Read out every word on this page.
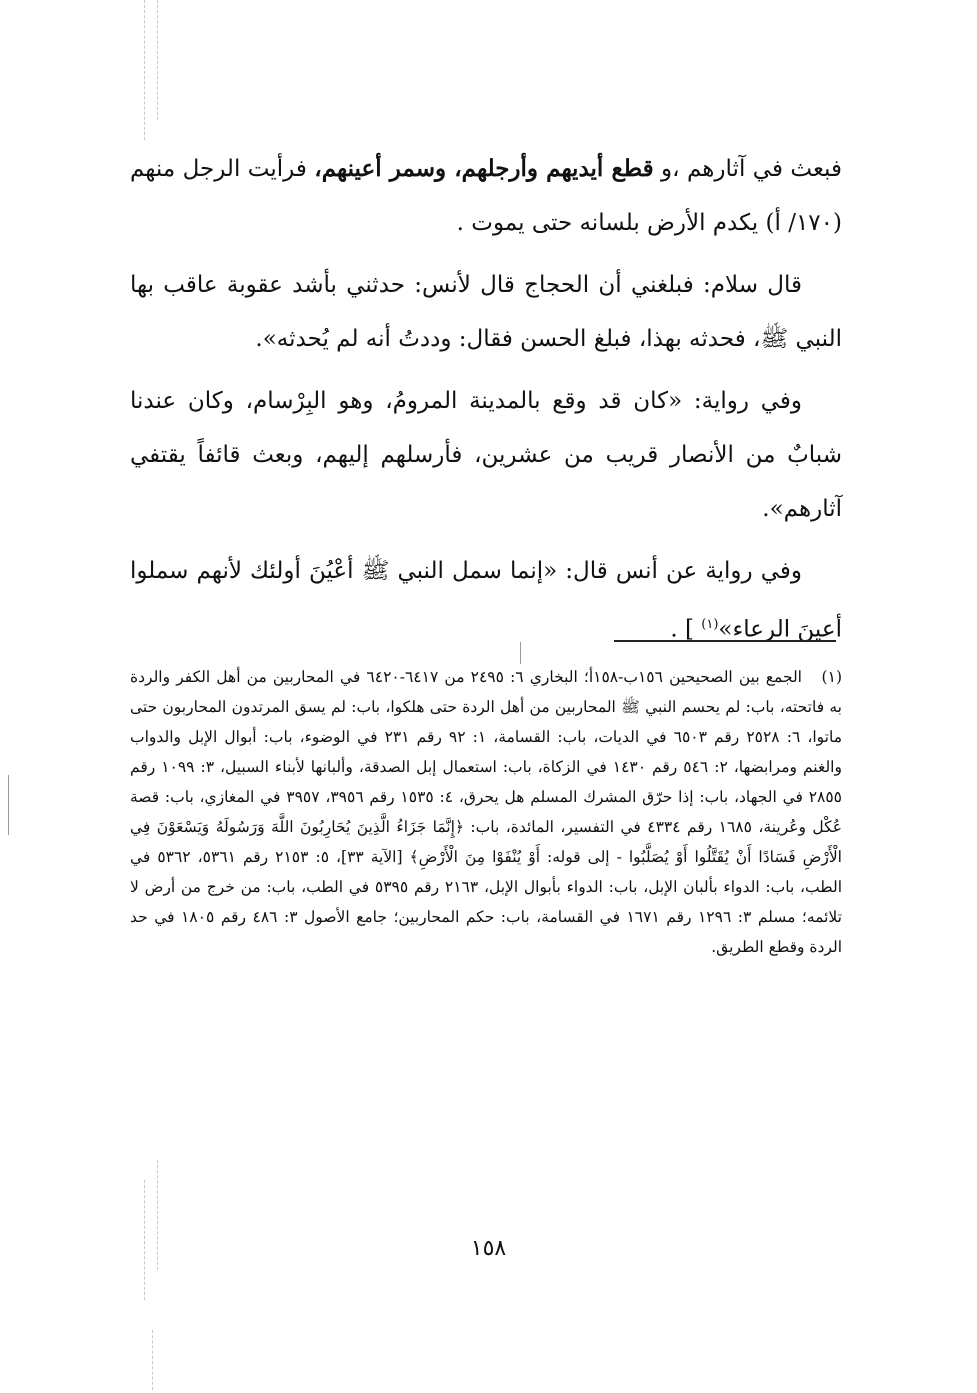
فبعث في آثارهم ،و قطع أيديهم وأرجلهم، وسمر أعينهم، فرأيت الرجل منهم (١٧٠/ أ) يكدم الأرض بلسانه حتى يموت .

قال سلام: فبلغني أن الحجاج قال لأنس: حدثني بأشد عقوبة عاقب بها النبي ﷺ، فحدثه بهذا، فبلغ الحسن فقال: وددتُ أنه لم يُحدثه».

وفي رواية: «كان قد وقع بالمدينة المرومُ، وهو البِرْسام، وكان عندنا شبابٌ من الأنصار قريب من عشرين، فأرسلهم إليهم، وبعث قائفاً يقتفي آثارهم».

وفي رواية عن أنس قال: «إنما سمل النبي ﷺ أعْيُنَ أولئك لأنهم سملوا أعينَ الرعاء»$^{(١)}$ ] .

(١)الجمع بين الصحيحين ١٥٦ب-١٥٨أ؛ البخاري ٦: ٢٤٩٥ من ٦٤١٧-٦٤٢٠ في المحاربين من أهل الكفر والردة به فاتحته، باب: لم يحسم النبي ﷺ المحاربين من أهل الردة حتى هلكوا، باب: لم يسق المرتدون المحاربون حتى ماتوا، ٦: ٢٥٢٨ رقم ٦٥٠٣ في الديات، باب: القسامة، ١: ٩٢ رقم ٢٣١ في الوضوء، باب: أبوال الإبل والدواب والغنم ومرابضها، ٢: ٥٤٦ رقم ١٤٣٠ في الزكاة، باب: استعمال إبل الصدقة، وألبانها لأبناء السبيل، ٣: ١٠٩٩ رقم ٢٨٥٥ في الجهاد، باب: إذا حرّق المشرك المسلم هل يحرق، ٤: ١٥٣٥ رقم ٣٩٥٦، ٣٩٥٧ في المغازي، باب: قصة عُكْل وعُرينة، ١٦٨٥ رقم ٤٣٣٤ في التفسير، المائدة، باب: ﴿إِنَّمَا جَزَاءُ الَّذِينَ يُحَارِبُونَ اللَّهَ وَرَسُولَهُ وَيَسْعَوْنَ فِي الْأَرْضِ فَسَادًا أَنْ يُقَتَّلُوا أَوْ يُصَلَّبُوا - إلى قوله: أَوْ يُنْفَوْا مِنَ الْأَرْضِ﴾ [الآية ٣٣]، ٥: ٢١٥٣ رقم ٥٣٦١، ٥٣٦٢ في الطب، باب: الدواء بألبان الإبل، باب: الدواء بأبوال الإبل، ٢١٦٣ رقم ٥٣٩٥ في الطب، باب: من خرج من أرض لا تلائمه؛ مسلم ٣: ١٢٩٦ رقم ١٦٧١ في القسامة، باب: حكم المحاربين؛ جامع الأصول ٣: ٤٨٦ رقم ١٨٠٥ في حد الردة وقطع الطريق.
١٥٨
